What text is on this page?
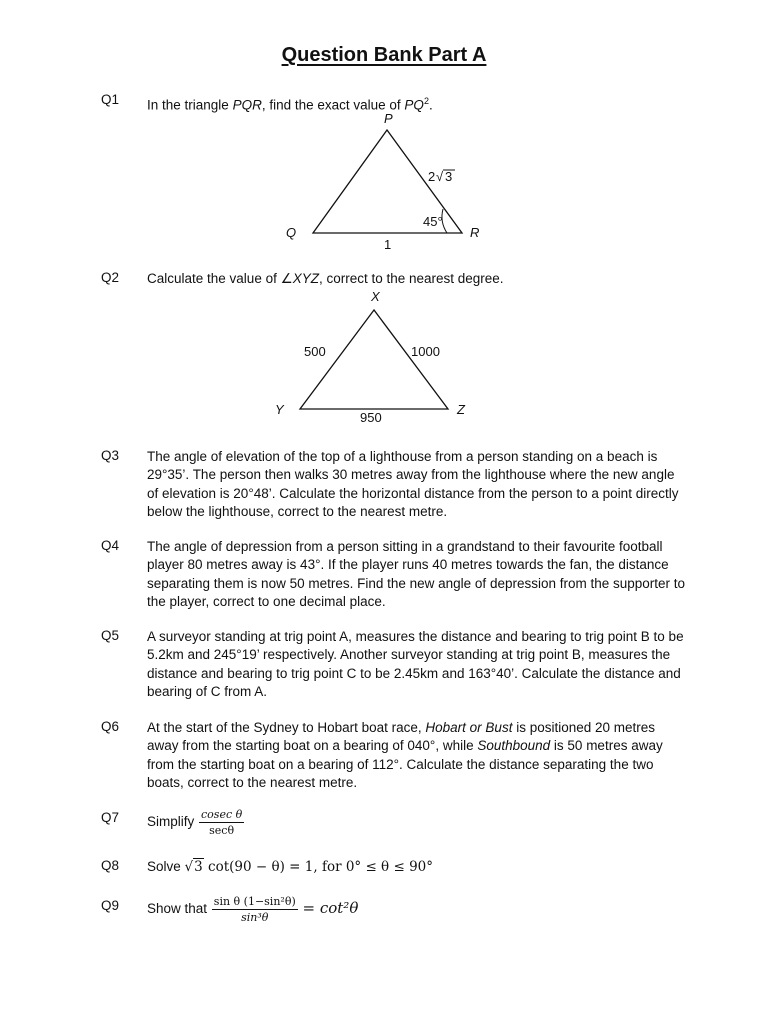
Question Bank Part A
Q1 In the triangle PQR, find the exact value of $PQ^2$.
P
Q	R
2 √ 3
45°
1
Q2 Calculate the value of ∠XYZ, correct to the nearest degree.
X
Y	Z
500	1000
950
Q3 The angle of elevation of the top of a lighthouse from a person standing on a beach is 29°35’. The person then walks 30 metres away from the lighthouse where the new angle of elevation is 20°48’. Calculate the horizontal distance from the person to a point directly below the lighthouse, correct to the nearest metre.
Q4 The angle of depression from a person sitting in a grandstand to their favourite football player 80 metres away is 43°. If the player runs 40 metres towards the fan, the distance separating them is now 50 metres. Find the new angle of depression from the supporter to the player, correct to one decimal place.
Q5 A surveyor standing at trig point A, measures the distance and bearing to trig point B to be 5.2km and 245°19’ respectively. Another surveyor standing at trig point B, measures the distance and bearing to trig point C to be 2.45km and 163°40’. Calculate the distance and bearing of C from A.
Q6 At the start of the Sydney to Hobart boat race, Hobart or Bust is positioned 20 metres away from the starting boat on a bearing of 040°, while Southbound is 50 metres away from the starting boat on a bearing of 112°. Calculate the distance separating the two boats, correct to the nearest metre.
Q7 Simplify $\frac{\text{cosec θ}}{\sec\theta}$
Q8 Solve √3 cot(90 − θ) = 1, for 0° ≤ θ ≤ 90°
Q9 Show that $\frac{\text{sin θ (1−sin²θ)}}{\text{sin³θ}} = \cot^2\theta$
